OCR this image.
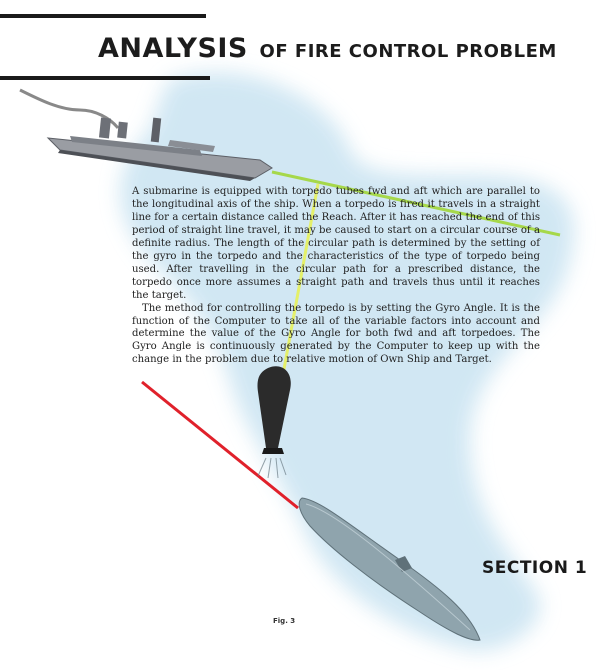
ANALYSIS OF FIRE CONTROL PROBLEM

A submarine is equipped with torpedo tubes fwd and aft which are parallel to the longitudinal axis of the ship. When a torpedo is fired it travels in a straight line for a certain distance called the Reach. After it has reached the end of this period of straight line travel, it may be caused to start on a circular course of a definite radius. The length of the circular path is determined by the setting of the gyro in the torpedo and the characteristics of the type of torpedo being used. After travelling in the circular path for a prescribed distance, the torpedo once more assumes a straight path and travels thus until it reaches the target.

The method for controlling the torpedo is by setting the Gyro Angle. It is the function of the Computer to take all of the variable factors into account and determine the value of the Gyro Angle for both fwd and aft torpedoes. The Gyro Angle is continuously generated by the Computer to keep up with the change in the problem due to relative motion of Own Ship and Target.

SECTION 1
Fig. 3
